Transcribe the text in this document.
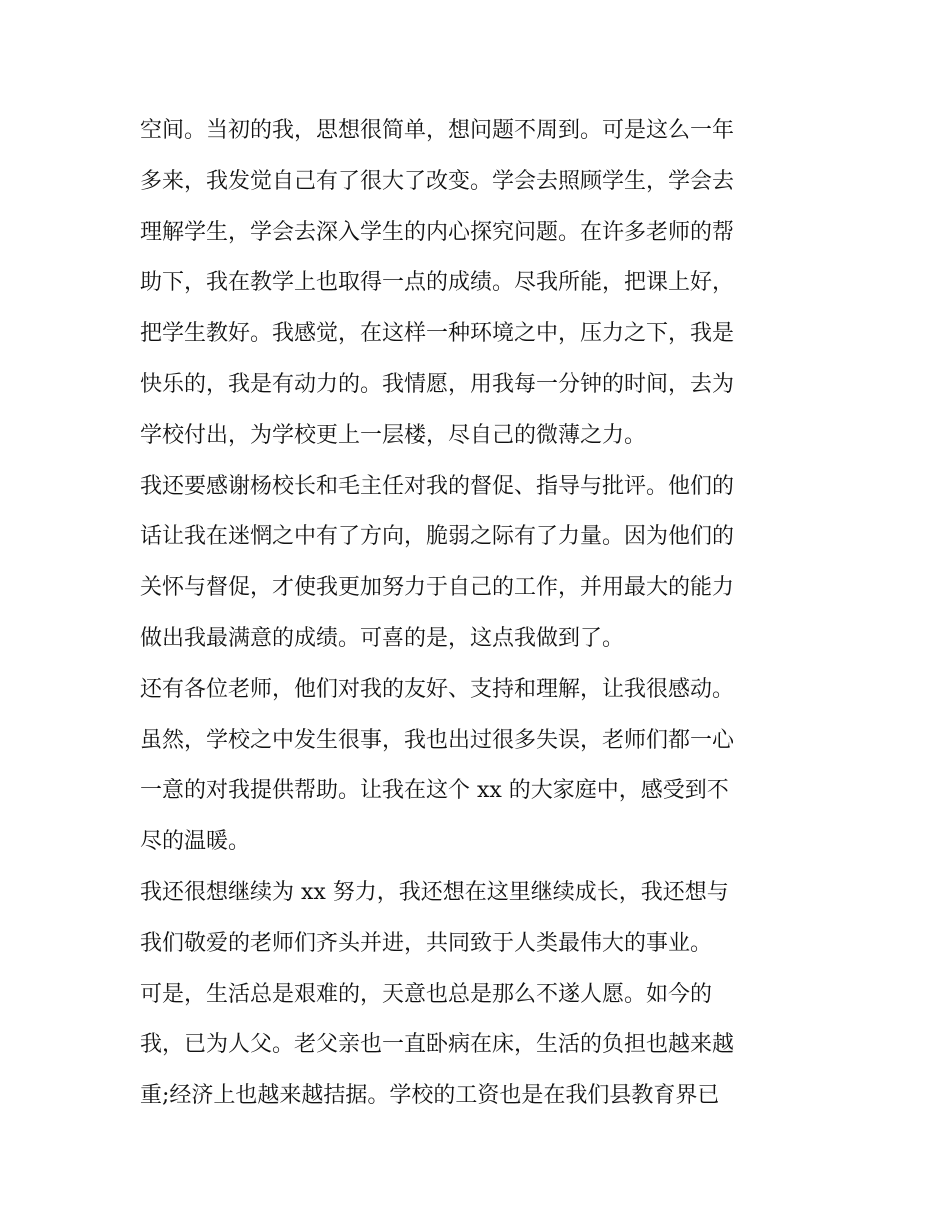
空间。当初的我，思想很简单，想问题不周到。可是这么一年
多来，我发觉自己有了很大了改变。学会去照顾学生，学会去
理解学生，学会去深入学生的内心探究问题。在许多老师的帮
助下，我在教学上也取得一点的成绩。尽我所能，把课上好，
把学生教好。我感觉，在这样一种环境之中，压力之下，我是
快乐的，我是有动力的。我情愿，用我每一分钟的时间，去为
学校付出，为学校更上一层楼，尽自己的微薄之力。
我还要感谢杨校长和毛主任对我的督促、指导与批评。他们的
话让我在迷惘之中有了方向，脆弱之际有了力量。因为他们的
关怀与督促，才使我更加努力于自己的工作，并用最大的能力
做出我最满意的成绩。可喜的是，这点我做到了。
还有各位老师，他们对我的友好、支持和理解，让我很感动。
虽然，学校之中发生很事，我也出过很多失误，老师们都一心
一意的对我提供帮助。让我在这个 xx 的大家庭中，感受到不
尽的温暖。
我还很想继续为 xx 努力，我还想在这里继续成长，我还想与
我们敬爱的老师们齐头并进，共同致于人类最伟大的事业。
可是，生活总是艰难的，天意也总是那么不遂人愿。如今的
我，已为人父。老父亲也一直卧病在床，生活的负担也越来越
重;经济上也越来越拮据。学校的工资也是在我们县教育界已
